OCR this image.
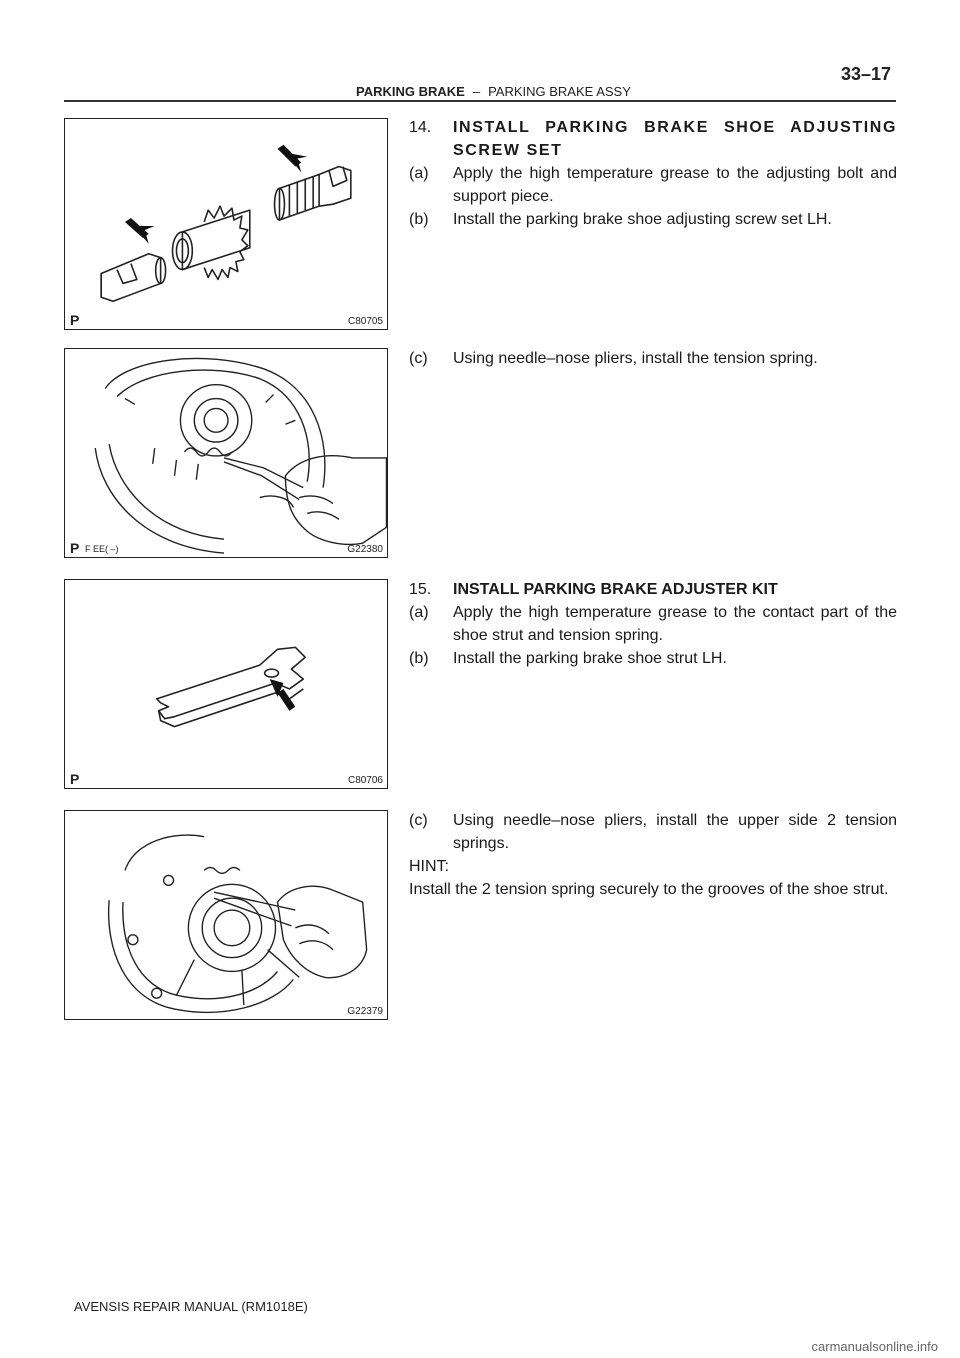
33–17
PARKING BRAKE – PARKING BRAKE ASSY
P	C80705
P F EE( –)	G22380
P	C80706
G22379
14. INSTALL PARKING BRAKE SHOE ADJUSTING SCREW SET
(a) Apply the high temperature grease to the adjusting bolt and support piece.
(b) Install the parking brake shoe adjusting screw set LH.
(c) Using needle–nose pliers, install the tension spring.
15. INSTALL PARKING BRAKE ADJUSTER KIT
(a) Apply the high temperature grease to the contact part of the shoe strut and tension spring.
(b) Install the parking brake shoe strut LH.
(c) Using needle–nose pliers, install the upper side 2 tension springs.
HINT:
Install the 2 tension spring securely to the grooves of the shoe strut.
AVENSIS REPAIR MANUAL (RM1018E)
carmanualsonline.info
